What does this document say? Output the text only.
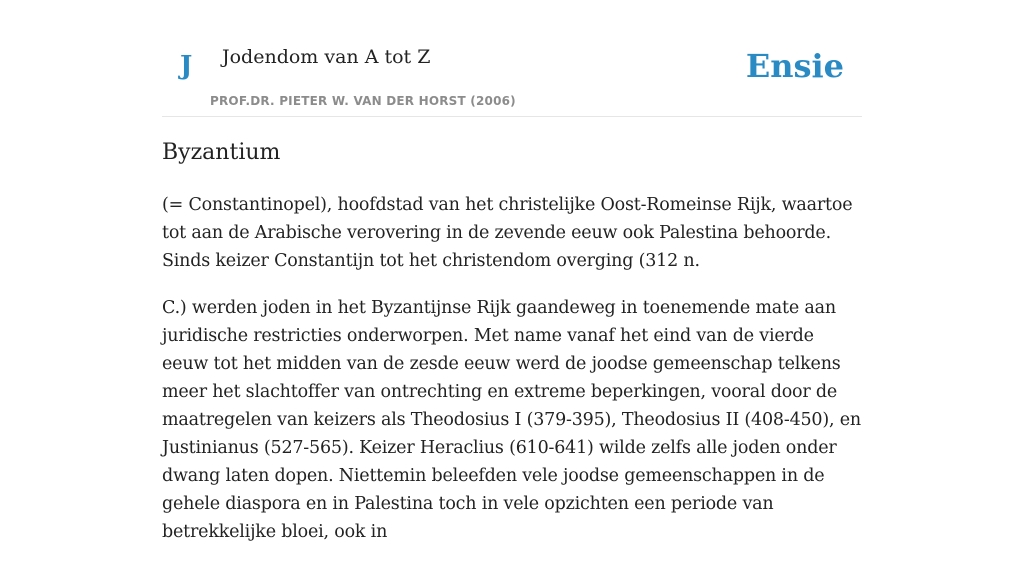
J Jodendom van A tot Z
PROF.DR. PIETER W. VAN DER HORST (2006)
Ensie
Byzantium

(= Constantinopel), hoofdstad van het christelijke Oost-Romeinse Rijk, waartoe tot aan de Arabische verovering in de zevende eeuw ook Palestina behoorde. Sinds keizer Constantijn tot het christendom overging (312 n.

C.) werden joden in het Byzantijnse Rijk gaandeweg in toenemende mate aan juridische restricties onderworpen. Met name vanaf het eind van de vierde eeuw tot het midden van de zesde eeuw werd de joodse gemeenschap telkens meer het slachtoffer van ontrechting en extreme beperkingen, vooral door de maatregelen van keizers als Theodosius I (379-395), Theodosius II (408-450), en Justinianus (527-565). Keizer Heraclius (610-641) wilde zelfs alle joden onder dwang laten dopen. Niettemin beleefden vele joodse gemeenschappen in de gehele diaspora en in Palestina toch in vele opzichten een periode van betrekkelijke bloei, ook in
